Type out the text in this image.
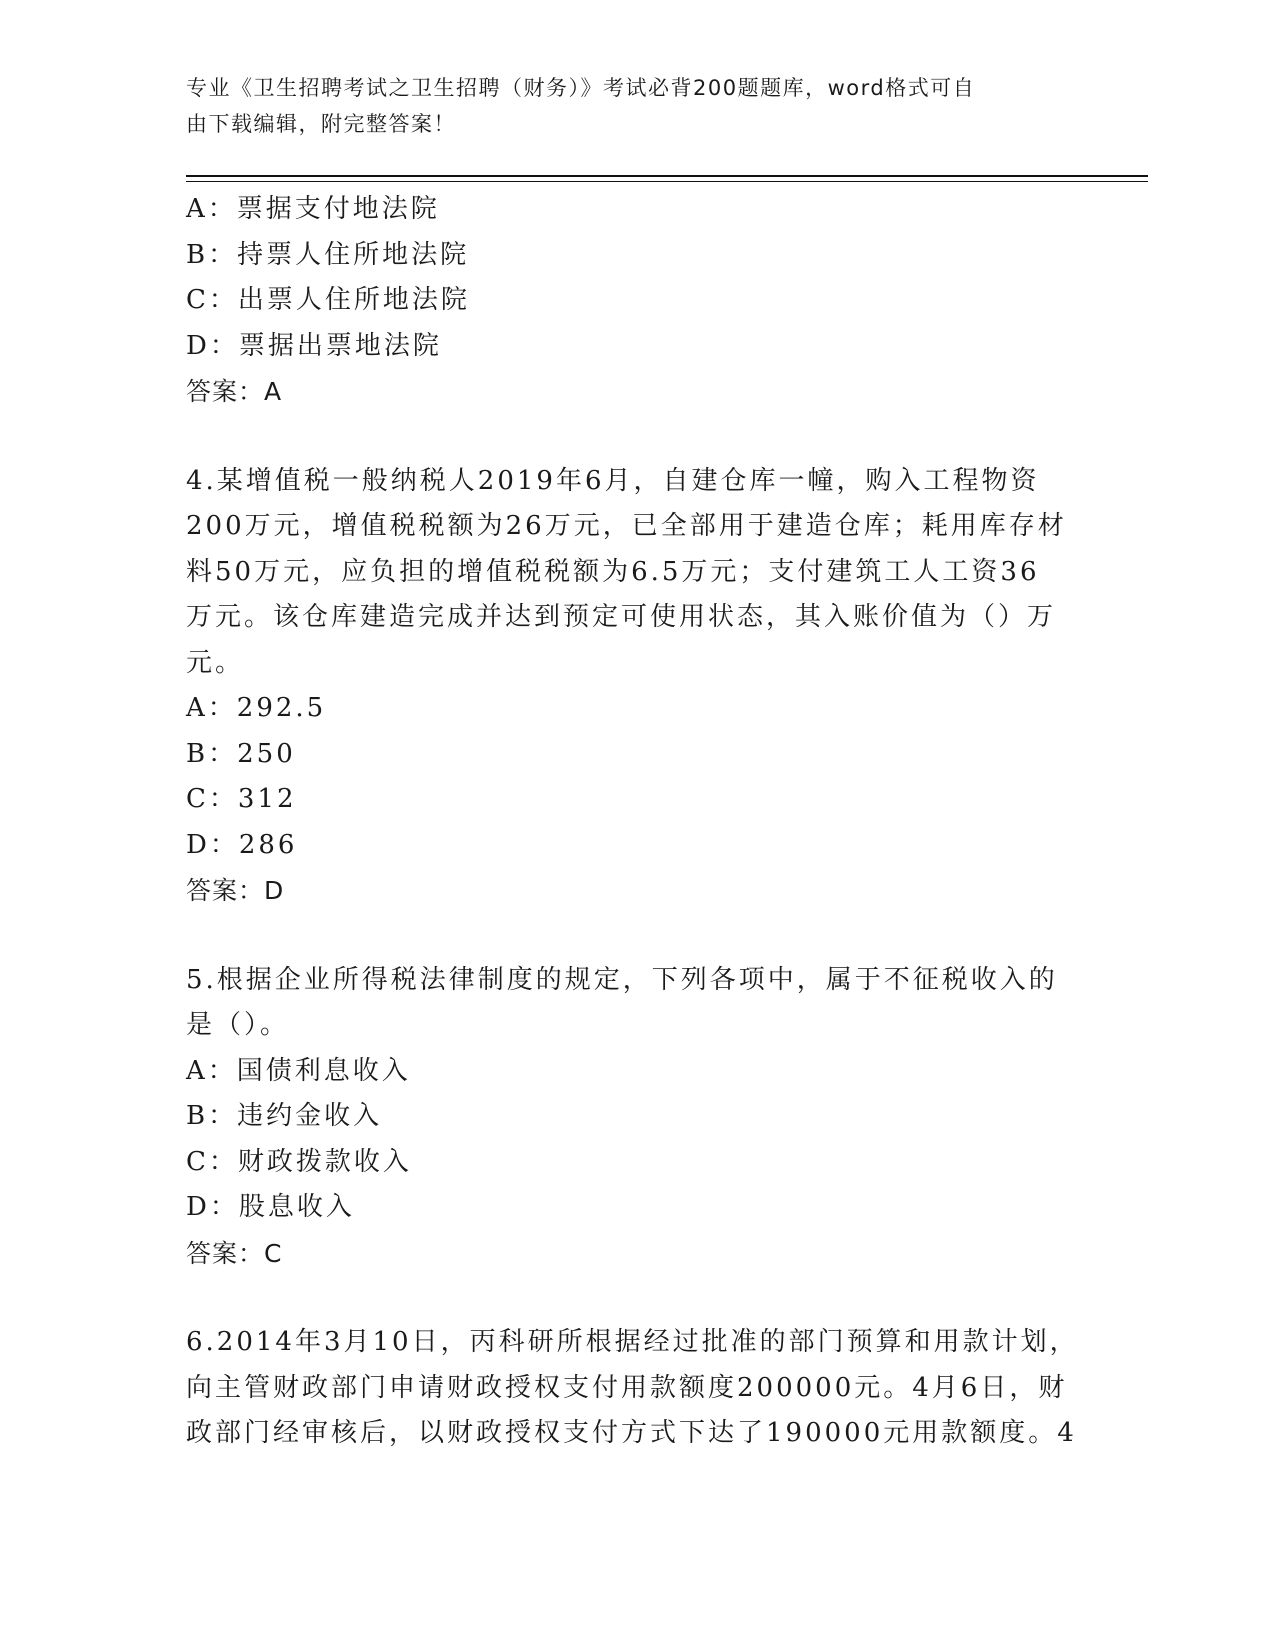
专业《卫生招聘考试之卫生招聘（财务）》考试必背200题题库，word格式可自
由下载编辑，附完整答案！
A：票据支付地法院
B：持票人住所地法院
C：出票人住所地法院
D：票据出票地法院
答案：A
4.某增值税一般纳税人2019年6月，自建仓库一幢，购入工程物资
200万元，增值税税额为26万元，已全部用于建造仓库；耗用库存材
料50万元，应负担的增值税税额为6.5万元；支付建筑工人工资36
万元。该仓库建造完成并达到预定可使用状态，其入账价值为（）万
元。
A：292.5
B：250
C：312
D：286
答案：D
5.根据企业所得税法律制度的规定，下列各项中，属于不征税收入的
是（）。
A：国债利息收入
B：违约金收入
C：财政拨款收入
D：股息收入
答案：C
6.2014年3月10日，丙科研所根据经过批准的部门预算和用款计划，
向主管财政部门申请财政授权支付用款额度200000元。4月6日，财
政部门经审核后，以财政授权支付方式下达了190000元用款额度。4
